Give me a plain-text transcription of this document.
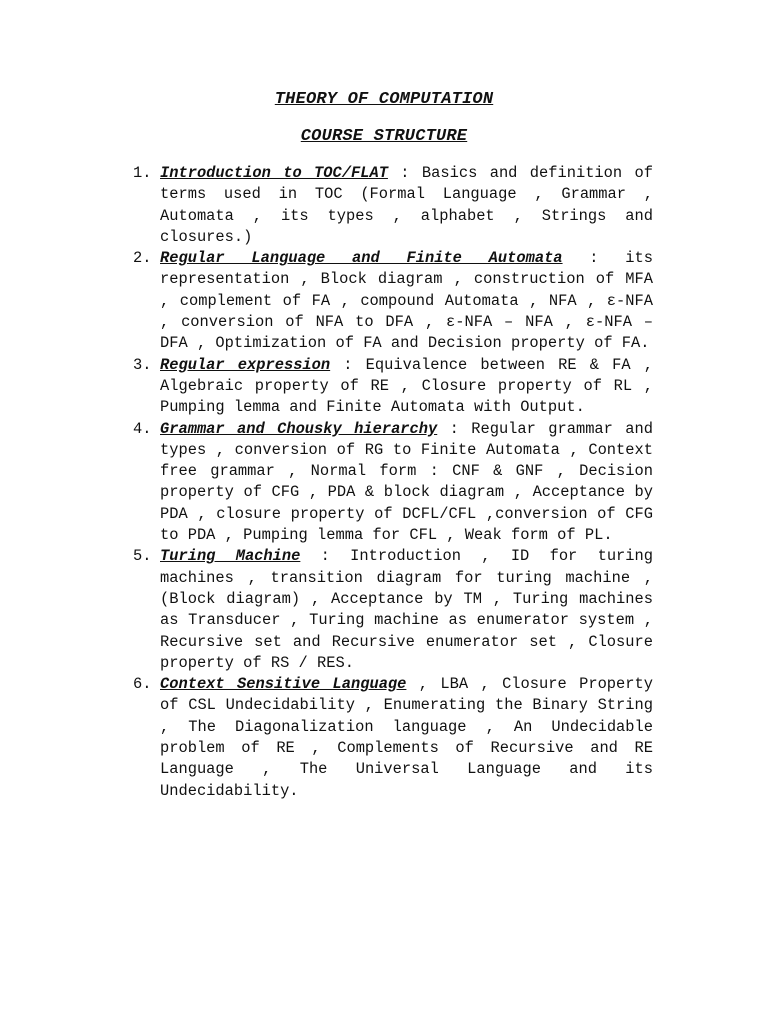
THEORY OF COMPUTATION
COURSE STRUCTURE
1. Introduction to TOC/FLAT : Basics and definition of terms used in TOC (Formal Language , Grammar , Automata , its types , alphabet , Strings and closures.)
2. Regular Language and Finite Automata : its representation , Block diagram , construction of MFA , complement of FA , compound Automata , NFA , ε-NFA , conversion of NFA to DFA , ε-NFA – NFA , ε-NFA – DFA , Optimization of FA and Decision property of FA.
3. Regular expression : Equivalence between RE & FA , Algebraic property of RE , Closure property of RL , Pumping lemma and Finite Automata with Output.
4. Grammar and Chousky hierarchy : Regular grammar and types , conversion of RG to Finite Automata , Context free grammar , Normal form : CNF & GNF , Decision property of CFG , PDA & block diagram , Acceptance by PDA , closure property of DCFL/CFL ,conversion of CFG to PDA , Pumping lemma for CFL , Weak form of PL.
5. Turing Machine : Introduction , ID for turing machines , transition diagram for turing machine , (Block diagram) , Acceptance by TM , Turing machines as Transducer , Turing machine as enumerator system , Recursive set and Recursive enumerator set , Closure property of RS / RES.
6. Context Sensitive Language , LBA , Closure Property of CSL Undecidability , Enumerating the Binary String , The Diagonalization language , An Undecidable problem of RE , Complements of Recursive and RE Language , The Universal Language and its Undecidability.
